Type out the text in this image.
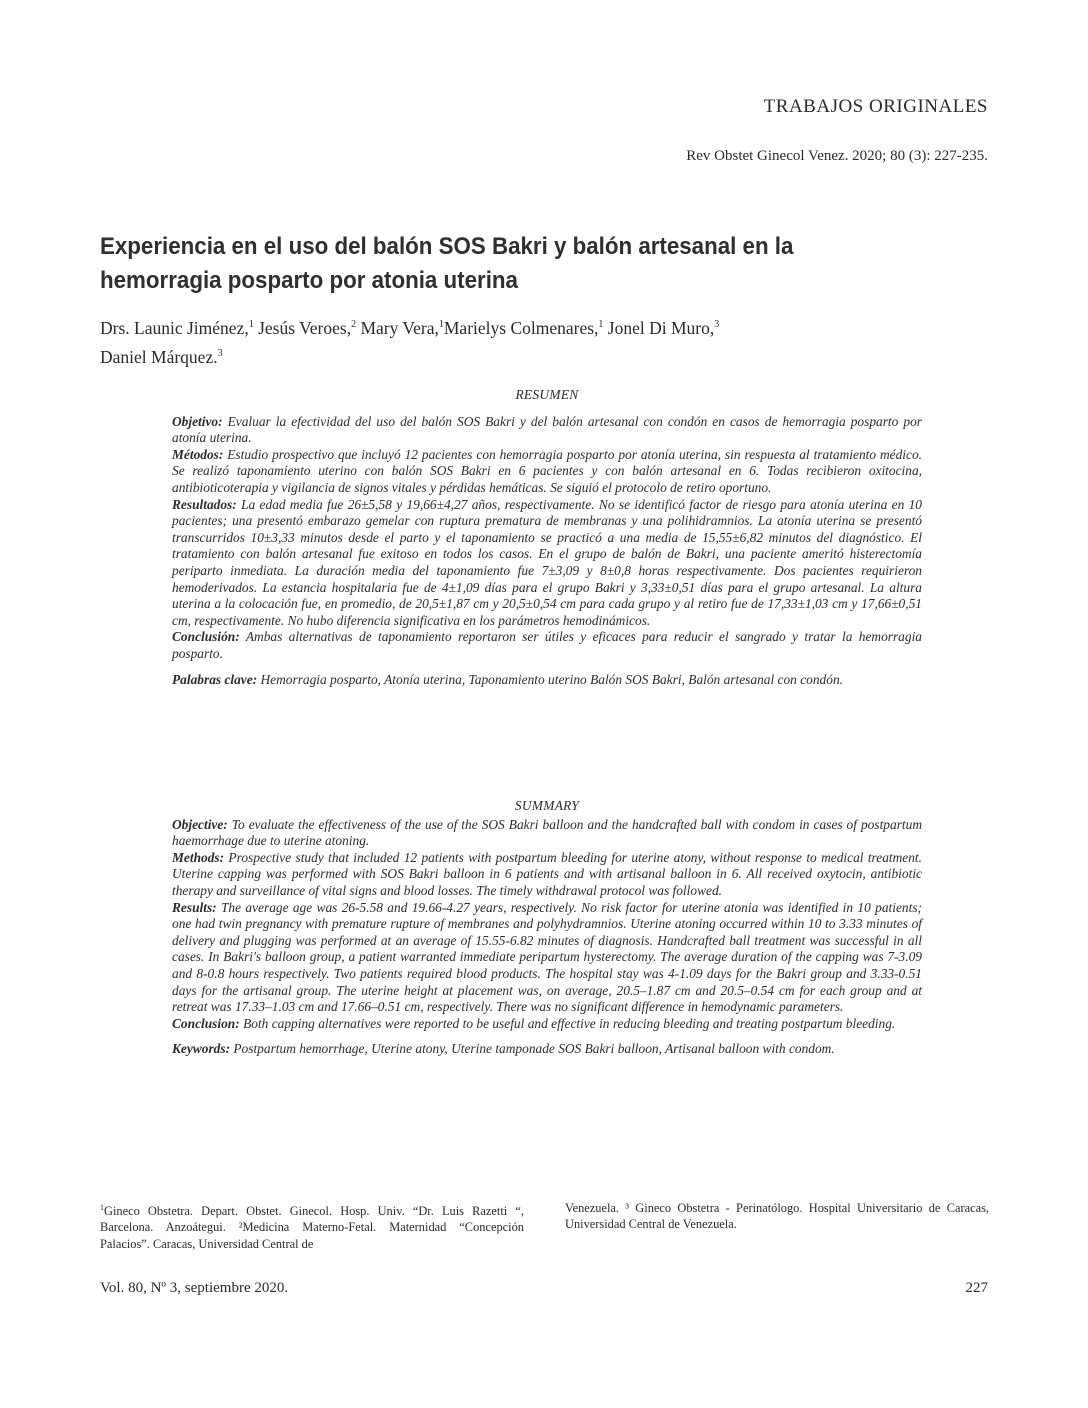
TRABAJOS ORIGINALES
Rev Obstet Ginecol Venez. 2020; 80 (3): 227-235.
Experiencia en el uso del balón SOS Bakri y balón artesanal en la hemorragia posparto por atonia uterina
Drs. Launic Jiménez,$^1$ Jesús Veroes,$^2$ Mary Vera,$^1$Marielys Colmenares,$^1$ Jonel Di Muro,$^3$
Daniel Márquez.$^3$
RESUMEN

Objetivo: Evaluar la efectividad del uso del balón SOS Bakri y del balón artesanal con condón en casos de hemorragia posparto por atonía uterina.

Métodos: Estudio prospectivo que incluyó 12 pacientes con hemorragia posparto por atonía uterina, sin respuesta al tratamiento médico. Se realizó taponamiento uterino con balón SOS Bakri en 6 pacientes y con balón artesanal en 6. Todas recibieron oxitocina, antibioticoterapia y vigilancia de signos vitales y pérdidas hemáticas. Se siguió el protocolo de retiro oportuno.

Resultados: La edad media fue 26±5,58 y 19,66±4,27 años, respectivamente. No se identificó factor de riesgo para atonía uterina en 10 pacientes; una presentó embarazo gemelar con ruptura prematura de membranas y una polihidramnios. La atonía uterina se presentó transcurridos 10±3,33 minutos desde el parto y el taponamiento se practicó a una media de 15,55±6,82 minutos del diagnóstico. El tratamiento con balón artesanal fue exitoso en todos los casos. En el grupo de balón de Bakri, una paciente ameritó histerectomía periparto inmediata. La duración media del taponamiento fue 7±3,09 y 8±0,8 horas respectivamente. Dos pacientes requirieron hemoderivados. La estancia hospitalaria fue de 4±1,09 días para el grupo Bakri y 3,33±0,51 días para el grupo artesanal. La altura uterina a la colocación fue, en promedio, de 20,5±1,87 cm y 20,5±0,54 cm para cada grupo y al retiro fue de 17,33±1,03 cm y 17,66±0,51 cm, respectivamente. No hubo diferencia significativa en los parámetros hemodinámicos.

Conclusión: Ambas alternativas de taponamiento reportaron ser útiles y eficaces para reducir el sangrado y tratar la hemorragia posparto.

Palabras clave: Hemorragia posparto, Atonía uterina, Taponamiento uterino Balón SOS Bakri, Balón artesanal con condón.

SUMMARY

Objective: To evaluate the effectiveness of the use of the SOS Bakri balloon and the handcrafted ball with condom in cases of postpartum haemorrhage due to uterine atoning.

Methods: Prospective study that included 12 patients with postpartum bleeding for uterine atony, without response to medical treatment. Uterine capping was performed with SOS Bakri balloon in 6 patients and with artisanal balloon in 6. All received oxytocin, antibiotic therapy and surveillance of vital signs and blood losses. The timely withdrawal protocol was followed.

Results: The average age was 26-5.58 and 19.66-4.27 years, respectively. No risk factor for uterine atonia was identified in 10 patients; one had twin pregnancy with premature rupture of membranes and polyhydramnios. Uterine atoning occurred within 10 to 3.33 minutes of delivery and plugging was performed at an average of 15.55-6.82 minutes of diagnosis. Handcrafted ball treatment was successful in all cases. In Bakri's balloon group, a patient warranted immediate peripartum hysterectomy. The average duration of the capping was 7-3.09 and 8-0.8 hours respectively. Two patients required blood products. The hospital stay was 4-1.09 days for the Bakri group and 3.33-0.51 days for the artisanal group. The uterine height at placement was, on average, 20.5–1.87 cm and 20.5–0.54 cm for each group and at retreat was 17.33–1.03 cm and 17.66–0.51 cm, respectively. There was no significant difference in hemodynamic parameters.

Conclusion: Both capping alternatives were reported to be useful and effective in reducing bleeding and treating postpartum bleeding.

Keywords: Postpartum hemorrhage, Uterine atony, Uterine tamponade SOS Bakri balloon, Artisanal balloon with condom.

$^1$Gineco Obstetra. Depart. Obstet. Ginecol. Hosp. Univ. “Dr. Luis Razetti “, Barcelona. Anzoátegui. ²Medicina Materno-Fetal. Maternidad “Concepción Palacios”. Caracas, Universidad Central de
Venezuela. ³ Gineco Obstetra - Perinatólogo. Hospital Universitario de Caracas, Universidad Central de Venezuela.
Vol. 80, Nº 3, septiembre 2020.	227
